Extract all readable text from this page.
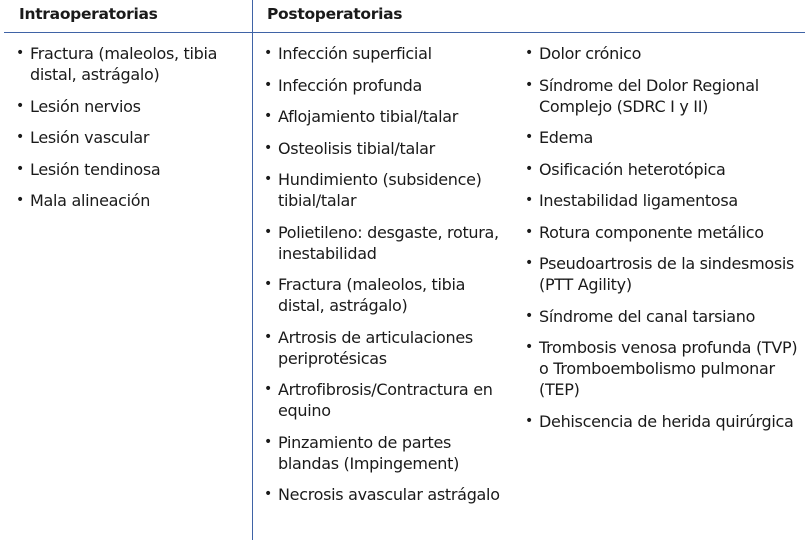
Intraoperatorias	Postoperatorias
• Fractura (maleolos, tibia distal, astrágalo)
• Lesión nervios
• Lesión vascular
• Lesión tendinosa
• Mala alineación
• Infección superficial
• Infección profunda
• Aflojamiento tibial/talar
• Osteolisis tibial/talar
• Hundimiento (subsidence) tibial/talar
• Polietileno: desgaste, rotura, inestabilidad
• Fractura (maleolos, tibia distal, astrágalo)
• Artrosis de articulaciones periprotésicas
• Artrofibrosis/Contractura en equino
• Pinzamiento de partes blandas (Impingement)
• Necrosis avascular astrágalo
• Dolor crónico
• Síndrome del Dolor Regional Complejo (SDRC I y II)
• Edema
• Osificación heterotópica
• Inestabilidad ligamentosa
• Rotura componente metálico
• Pseudoartrosis de la sindesmosis (PTT Agility)
• Síndrome del canal tarsiano
• Trombosis venosa profunda (TVP) o Tromboembolismo pulmonar (TEP)
• Dehiscencia de herida quirúrgica
